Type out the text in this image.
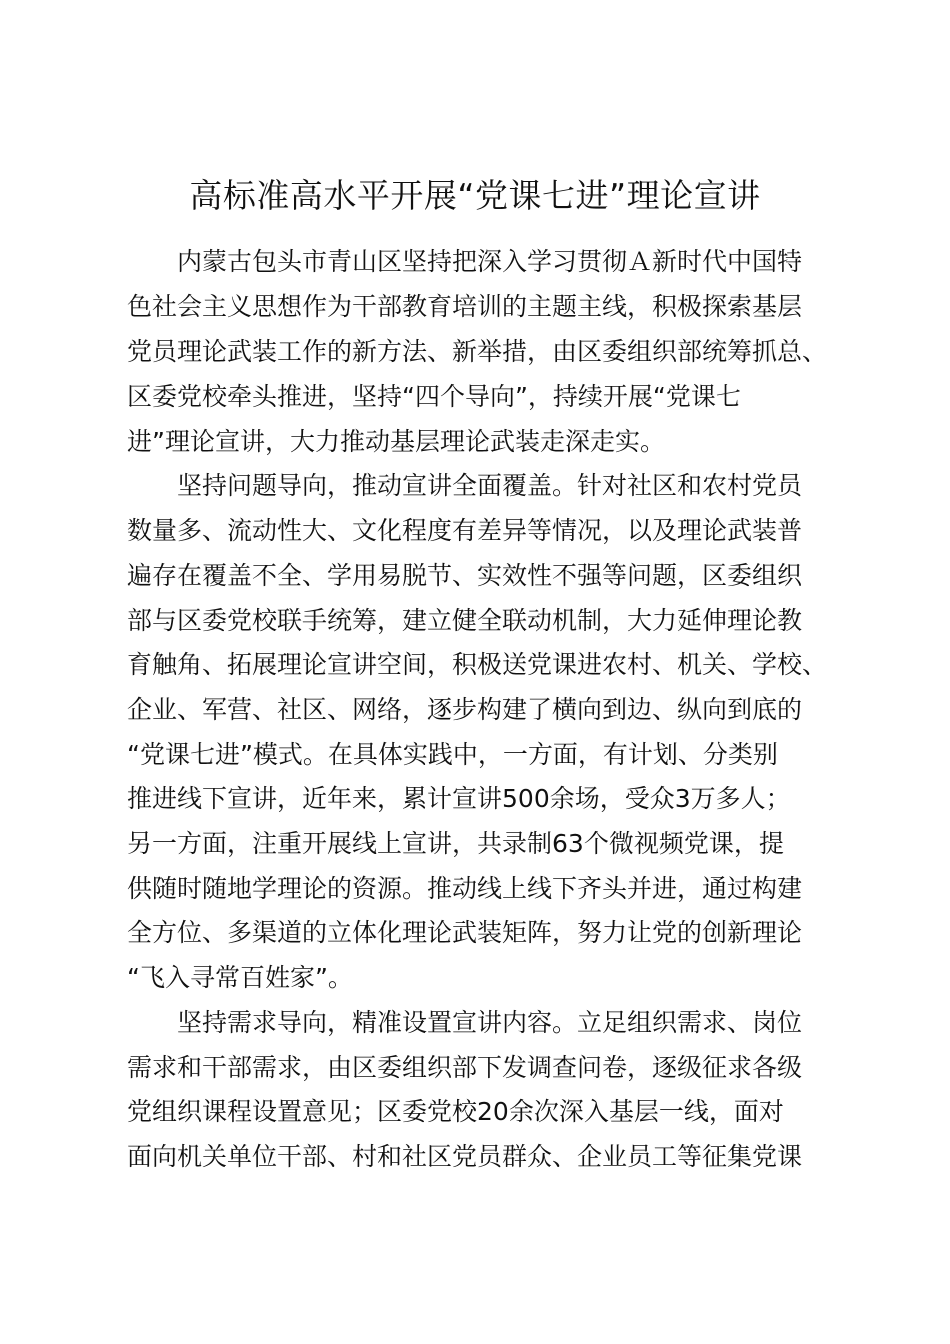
高标准高水平开展“党课七进”理论宣讲
内蒙古包头市青山区坚持把深入学习贯彻Ａ新时代中国特
色社会主义思想作为干部教育培训的主题主线，积极探索基层
党员理论武装工作的新方法、新举措，由区委组织部统筹抓总、
区委党校牵头推进，坚持“四个导向”，持续开展“党课七
进”理论宣讲，大力推动基层理论武装走深走实。
坚持问题导向，推动宣讲全面覆盖。针对社区和农村党员
数量多、流动性大、文化程度有差异等情况，以及理论武装普
遍存在覆盖不全、学用易脱节、实效性不强等问题，区委组织
部与区委党校联手统筹，建立健全联动机制，大力延伸理论教
育触角、拓展理论宣讲空间，积极送党课进农村、机关、学校、
企业、军营、社区、网络，逐步构建了横向到边、纵向到底的
“党课七进”模式。在具体实践中，一方面，有计划、分类别
推进线下宣讲，近年来，累计宣讲500余场，受众3万多人；
另一方面，注重开展线上宣讲，共录制63个微视频党课，提
供随时随地学理论的资源。推动线上线下齐头并进，通过构建
全方位、多渠道的立体化理论武装矩阵，努力让党的创新理论
“飞入寻常百姓家”。
坚持需求导向，精准设置宣讲内容。立足组织需求、岗位
需求和干部需求，由区委组织部下发调查问卷，逐级征求各级
党组织课程设置意见；区委党校20余次深入基层一线，面对
面向机关单位干部、村和社区党员群众、企业员工等征集党课
